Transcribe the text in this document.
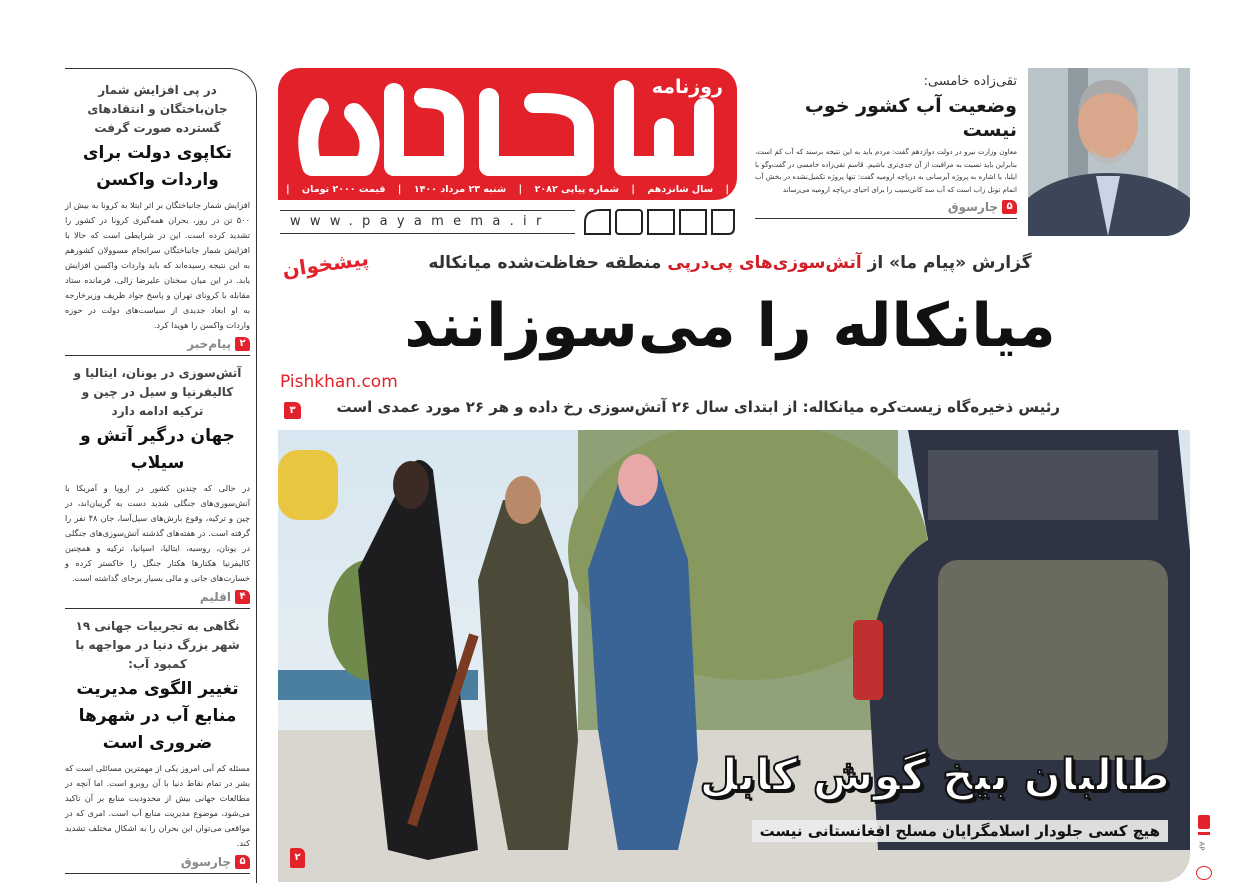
در پی افزایش شمار جان‌باختگان و انتقادهای گسترده صورت گرفت
تکاپوی دولت برای واردات واکسن
افزایش شمار جانباختگان بر اثر ابتلا به کرونا به بیش از ۵۰۰ تن در روز، بحران همه‌گیری کرونا در کشور را تشدید کرده است. این در شرایطی است که حالا با افزایش شمار جانباختگان سرانجام مسوولان کشورهم به این نتیجه رسیده‌اند که باید واردات واکسن افزایش یابد. در این میان سخنان علیرضا زالی، فرمانده ستاد مقابله با کرونای تهران و پاسخ جواد ظریف وزیرخارجه به او ابعاد جدیدی از سیاست‌های دولت در حوزه واردات واکسن را هویدا کرد.
پیام‌خبر ۲
آتش‌سوزی در یونان، ایتالیا و کالیفرنیا و سیل در چین و ترکیه ادامه دارد
جهان درگیر آتش و سیلاب
در حالی که چندین کشور در اروپا و آمریکا با آتش‌سوزی‌های جنگلی شدید دست به گریبان‌اند، در چین و ترکیه، وقوع بارش‌های سیل‌آسا، جان ۴۸ نفر را گرفته است. در هفته‌های گذشته آتش‌سوزی‌های جنگلی در یونان، روسیه، ایتالیا، اسپانیا، ترکیه و همچنین کالیفرنیا هکتارها هکتار جنگل را خاکستر کرده و خسارت‌های جانی و مالی بسیار برجای گذاشته است.
اقلیم ۴
نگاهی به تجربیات جهانی ۱۹ شهر بزرگ دنیا در مواجهه با کمبود آب:
تغییر الگوی مدیریت منابع آب در شهرها ضروری است
مسئله کم آبی امروز یکی از مهمترین مسائلی است که بشر در تمام نقاط دنیا با آن روبرو است. اما آنچه در مطالعات جهانی بیش از محدودیت منابع بر آن تاکید می‌شود، موضوع مدیریت منابع آب است. امری که در مواقعی می‌توان این بحران را به اشکال مختلف تشدید کند.
چارسوق ۵
پیشخوان
Pishkhan.com
روزنامه
|
سال شانزدهم
|
شماره پیاپی ۲۰۸۲
|
شنبه ۲۳ مرداد ۱۴۰۰
|
قیمت ۲۰۰۰ تومان
|
www.payamema.ir
تقی‌زاده خامسی:
وضعیت آب کشور خوب نیست
معاون وزارت نیرو در دولت دوازدهم گفت: مردم باید به این نتیجه برسند که آب کم است، بنابراین باید نسبت به مراقبت از آن جدی‌تری باشیم. قاسم تقی‌زاده خامسی در گفت‌وگو با ایلنا، با اشاره به پروژه آبرسانی به دریاچه ارومیه گفت: تنها پروژه تکمیل‌نشده در بخش آب اتمام تونل زاب است که آب سد کانی‌سیب را برای احیای دریاچه ارومیه می‌رساند
چارسوق ۵
گزارش «پیام ما» از آتش‌سوزی‌های پی‌درپی منطقه حفاظت‌شده میانکاله
میانکاله را می‌سوزانند
رئیس ذخیره‌گاه زیست‌کره میانکاله: از ابتدای سال ۲۶ آتش‌سوزی رخ داده و هر ۲۶ مورد عمدی است
۳
طالبان بیخ گوش کابل
هیچ کسی جلودار اسلامگرایان مسلح افغانستانی نیست
۲
AP
